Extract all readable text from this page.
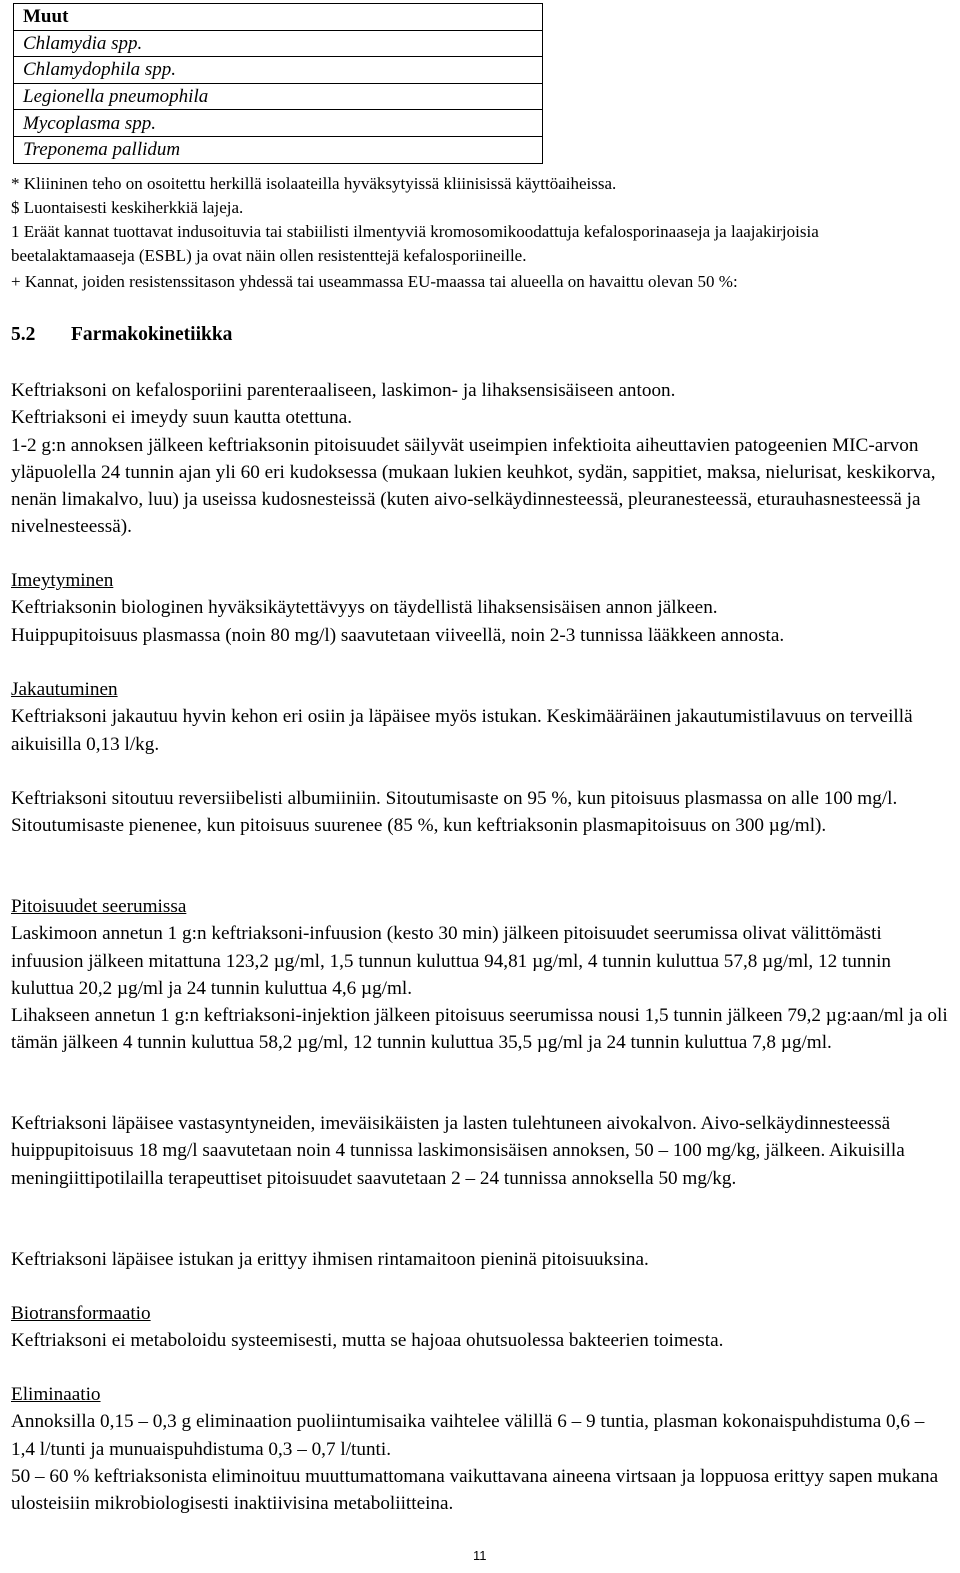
Muut
Chlamydia spp.
Chlamydophila spp.
Legionella pneumophila
Mycoplasma spp.
Treponema pallidum
* Kliininen teho on osoitettu herkillä isolaateilla hyväksytyissä kliinisissä käyttöaiheissa.
$ Luontaisesti keskiherkkiä lajeja.
1 Eräät kannat tuottavat indusoituvia tai stabiilisti ilmentyviä kromosomikoodattuja kefalosporinaaseja ja laajakirjoisia beetalaktamaaseja (ESBL) ja ovat näin ollen resistenttejä kefalosporiineille.
+ Kannat, joiden resistenssitason yhdessä tai useammassa EU-maassa tai alueella on havaittu olevan 50 %:
5.2 Farmakokinetiikka
Keftriaksoni on kefalosporiini parenteraaliseen, laskimon- ja lihaksensisäiseen antoon.
Keftriaksoni ei imeydy suun kautta otettuna.
1-2 g:n annoksen jälkeen keftriaksonin pitoisuudet säilyvät useimpien infektioita aiheuttavien patogeenien MIC-arvon yläpuolella 24 tunnin ajan yli 60 eri kudoksessa (mukaan lukien keuhkot, sydän, sappitiet, maksa, nielurisat, keskikorva, nenän limakalvo, luu) ja useissa kudosnesteissä (kuten aivo-selkäydinnesteessä, pleuranesteessä, eturauhasnesteessä ja nivelnesteessä).
Imeytyminen
Keftriaksonin biologinen hyväksikäytettävyys on täydellistä lihaksensisäisen annon jälkeen.
Huippupitoisuus plasmassa (noin 80 mg/l) saavutetaan viiveellä, noin 2-3 tunnissa lääkkeen annosta.
Jakautuminen
Keftriaksoni jakautuu hyvin kehon eri osiin ja läpäisee myös istukan. Keskimääräinen jakautumistilavuus on terveillä aikuisilla 0,13 l/kg.
Keftriaksoni sitoutuu reversiibelisti albumiiniin. Sitoutumisaste on 95 %, kun pitoisuus plasmassa on alle 100 mg/l. Sitoutumisaste pienenee, kun pitoisuus suurenee (85 %, kun keftriaksonin plasmapitoisuus on 300 µg/ml).
Pitoisuudet seerumissa
Laskimoon annetun 1 g:n keftriaksoni-infuusion (kesto 30 min) jälkeen pitoisuudet seerumissa olivat välittömästi infuusion jälkeen mitattuna 123,2 µg/ml, 1,5 tunnun kuluttua 94,81 µg/ml, 4 tunnin kuluttua 57,8 µg/ml, 12 tunnin kuluttua 20,2 µg/ml ja 24 tunnin kuluttua 4,6 µg/ml.
Lihakseen annetun 1 g:n keftriaksoni-injektion jälkeen pitoisuus seerumissa nousi 1,5 tunnin jälkeen 79,2 µg:aan/ml ja oli tämän jälkeen 4 tunnin kuluttua 58,2 µg/ml, 12 tunnin kuluttua 35,5 µg/ml ja 24 tunnin kuluttua 7,8 µg/ml.
Keftriaksoni läpäisee vastasyntyneiden, imeväisikäisten ja lasten tulehtuneen aivokalvon. Aivo-selkäydinnesteessä huippupitoisuus 18 mg/l saavutetaan noin 4 tunnissa laskimonsisäisen annoksen, 50 – 100 mg/kg, jälkeen. Aikuisilla meningiittipotilailla terapeuttiset pitoisuudet saavutetaan 2 – 24 tunnissa annoksella 50 mg/kg.
Keftriaksoni läpäisee istukan ja erittyy ihmisen rintamaitoon pieninä pitoisuuksina.
Biotransformaatio
Keftriaksoni ei metaboloidu systeemisesti, mutta se hajoaa ohutsuolessa bakteerien toimesta.
Eliminaatio
Annoksilla 0,15 – 0,3 g eliminaation puoliintumisaika vaihtelee välillä 6 – 9 tuntia, plasman kokonaispuhdistuma 0,6 – 1,4 l/tunti ja munuaispuhdistuma 0,3 – 0,7 l/tunti.
50 – 60 % keftriaksonista eliminoituu muuttumattomana vaikuttavana aineena virtsaan ja loppuosa erittyy sapen mukana ulosteisiin mikrobiologisesti inaktiivisina metaboliitteina.
11
